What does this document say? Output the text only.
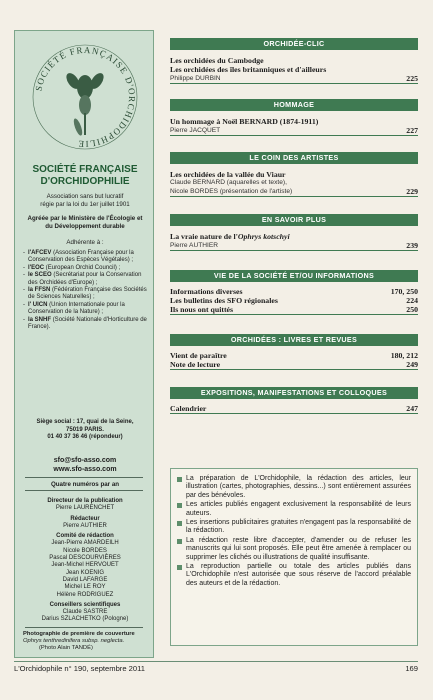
SOCIÉTÉ FRANÇAISE D'ORCHIDOPHILIE
SOCIÉTÉ FRANÇAISE
D'ORCHIDOPHILIE
Association sans but lucratif
régie par la loi du 1er juillet 1901
Agréée par le Ministère de l'Écologie et
du Développement durable
Adhérente à :
- l'AFCEV (Association Française pour la Conservation des Espèces Végétales) ;
- l'EOC (European Orchid Council) ;
- le SCEO (Secrétariat pour la Conservation des Orchidées d'Europe) ;
- la FFSN (Fédération Française des Sociétés de Sciences Naturelles) ;
- l' UICN (Union Internationale pour la Conservation de la Nature) ;
- la SNHF (Société Nationale d'Horticulture de France).
Siège social : 17, quai de la Seine,
75019 PARIS.
01 40 37 36 46 (répondeur)
sfo@sfo-asso.com
www.sfo-asso.com
Quatre numéros par an
Directeur de la publication
Pierre LAURENCHET
Rédacteur
Pierre AUTHIER
Comité de rédaction
Jean-Pierre AMARDEILH
Nicole BORDES
Pascal DESCOURVIÈRES
Jean-Michel HERVOUET
Jean KOENIG
David LAFARGE
Michel LE ROY
Hélène RODRIGUEZ
Conseillers scientifiques
Claude SASTRE
Darius SZLACHETKO (Pologne)
Photographie de première de couverture
Ophrys tenthredinifera subsp. neglecta.
(Photo Alain TANDÉ)
ORCHIDÉE-CLIC
Les orchidées du Cambodge
Les orchidées des îles britanniques et d'ailleurs
Philippe DURBIN	225
HOMMAGE
Un hommage à Noël BERNARD (1874-1911)
Pierre JACQUET	227
LE COIN DES ARTISTES
Les orchidées de la vallée du Viaur
Claude BERNARD (aquarelles et texte),
Nicole BORDES (présentation de l'artiste)	229
EN SAVOIR PLUS
La vraie nature de l'Ophrys kotschyi
Pierre AUTHIER	239
VIE DE LA SOCIÉTÉ ET/OU INFORMATIONS
Informations diverses	170, 250
Les bulletins des SFO régionales	224
Ils nous ont quittés	250
ORCHIDÉES : LIVRES ET REVUES
Vient de paraître	180, 212
Note de lecture	249
EXPOSITIONS, MANIFESTATIONS ET COLLOQUES
Calendrier	247
La préparation de L'Orchidophile, la rédaction des articles, leur illustration (cartes, photographies, dessins...) sont entièrement assurées par des bénévoles.
Les articles publiés engagent exclusivement la responsabilité de leurs auteurs.
Les insertions publicitaires gratuites n'engagent pas la responsabilité de la rédaction.
La rédaction reste libre d'accepter, d'amender ou de refuser les manuscrits qui lui sont proposés. Elle peut être amenée à remplacer ou supprimer les clichés ou illustrations de qualité insuffisante.
La reproduction partielle ou totale des articles publiés dans L'Orchidophile n'est autorisée que sous réserve de l'accord préalable des auteurs et de la rédaction.
L'Orchidophile n° 190, septembre 2011	169
